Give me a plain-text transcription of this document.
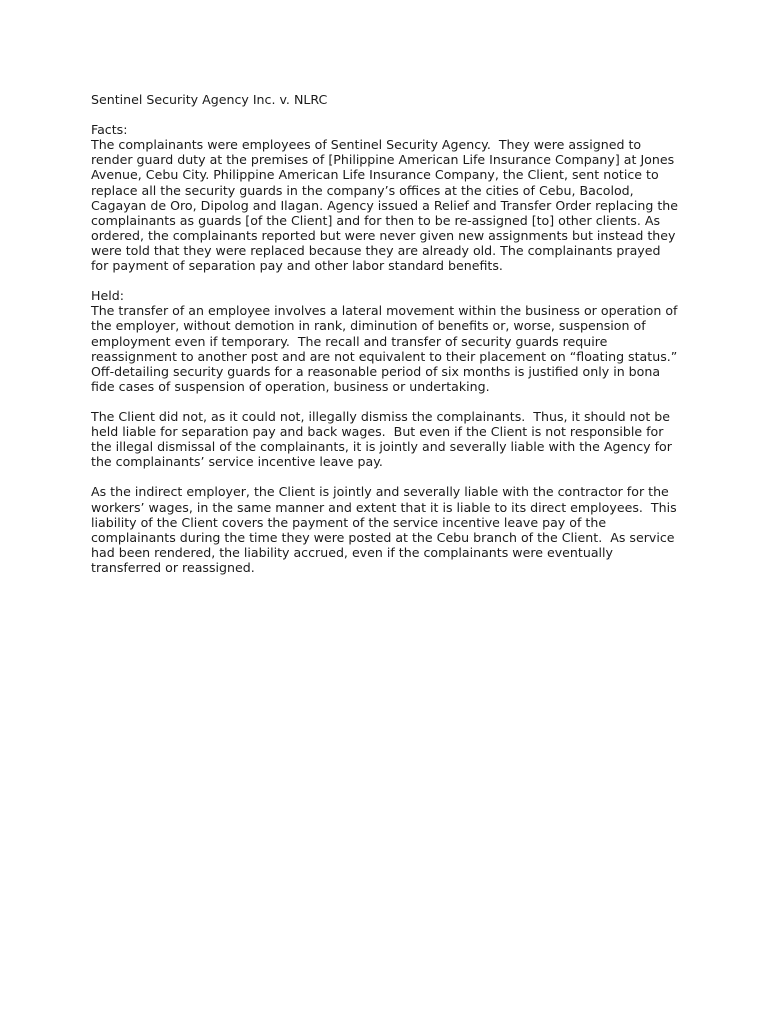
Sentinel Security Agency Inc. v. NLRC
Facts:
The complainants were employees of Sentinel Security Agency.  They were assigned to
render guard duty at the premises of [Philippine American Life Insurance Company] at Jones
Avenue, Cebu City. Philippine American Life Insurance Company, the Client, sent notice to
replace all the security guards in the company’s offices at the cities of Cebu, Bacolod,
Cagayan de Oro, Dipolog and Ilagan. Agency issued a Relief and Transfer Order replacing the
complainants as guards [of the Client] and for then to be re-assigned [to] other clients. As
ordered, the complainants reported but were never given new assignments but instead they
were told that they were replaced because they are already old. The complainants prayed
for payment of separation pay and other labor standard benefits.
Held:
The transfer of an employee involves a lateral movement within the business or operation of
the employer, without demotion in rank, diminution of benefits or, worse, suspension of
employment even if temporary.  The recall and transfer of security guards require
reassignment to another post and are not equivalent to their placement on “floating status.”
Off-detailing security guards for a reasonable period of six months is justified only in bona
fide cases of suspension of operation, business or undertaking.
The Client did not, as it could not, illegally dismiss the complainants.  Thus, it should not be
held liable for separation pay and back wages.  But even if the Client is not responsible for
the illegal dismissal of the complainants, it is jointly and severally liable with the Agency for
the complainants’ service incentive leave pay.
As the indirect employer, the Client is jointly and severally liable with the contractor for the
workers’ wages, in the same manner and extent that it is liable to its direct employees.  This
liability of the Client covers the payment of the service incentive leave pay of the
complainants during the time they were posted at the Cebu branch of the Client.  As service
had been rendered, the liability accrued, even if the complainants were eventually
transferred or reassigned.
